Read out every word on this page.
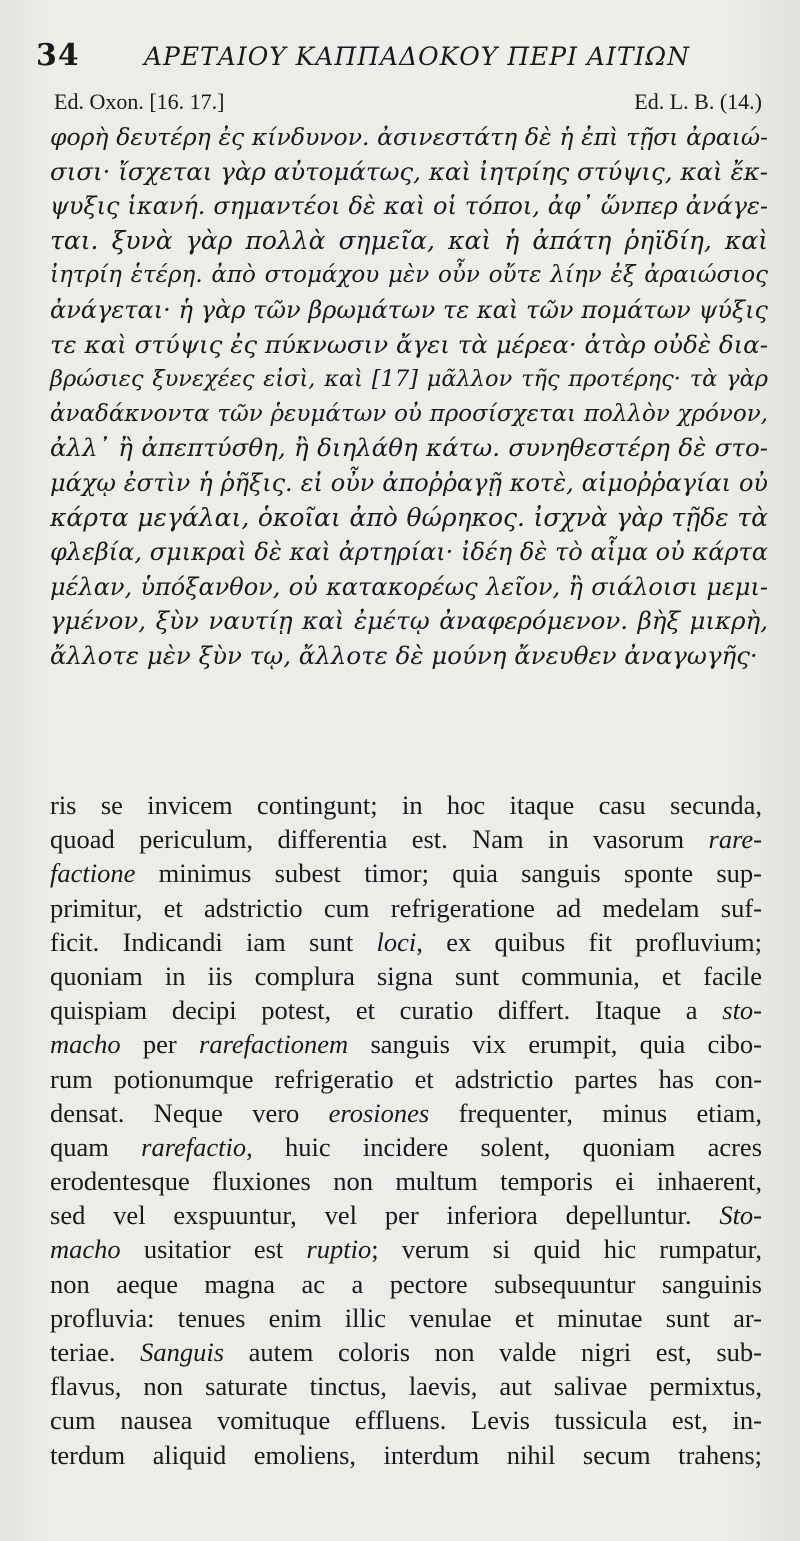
34	ΑΡΕΤΑΙΟΥ ΚΑΠΠΑΔΟΚΟΥ ΠΕΡΙ ΑΙΤΙΩΝ
Ed. Oxon. [16. 17.]	Ed. L. B. (14.)
φορὴ δευτέρη ἐς κίνδυνον. ἀσινεστάτη δὲ ἡ ἐπὶ τῇσι ἀραιώ-
σισι· ἴσχεται γὰρ αὐτομάτως, καὶ ἰητρίης στύψις, καὶ ἔκ-
ψυξις ἱκανή. σημαντέοι δὲ καὶ οἱ τόποι, ἀφ᾽ ὥνπερ ἀνάγε-
ται. ξυνὰ γὰρ πολλὰ σημεῖα, καὶ ἡ ἀπάτη ῥηϊδίη, καὶ
ἰητρίη ἑτέρη. ἀπὸ στομάχου μὲν οὖν οὔτε λίην ἐξ ἀραιώσιος
ἀνάγεται· ἡ γὰρ τῶν βρωμάτων τε καὶ τῶν πομάτων ψύξις
τε καὶ στύψις ἐς πύκνωσιν ἄγει τὰ μέρεα· ἀτὰρ οὐδὲ δια-
βρώσιες ξυνεχέες εἰσὶ, καὶ [17] μᾶλλον τῆς προτέρης· τὰ γὰρ
ἀναδάκνοντα τῶν ῥευμάτων οὐ προσίσχεται πολλὸν χρόνον,
ἀλλ᾽ ἢ ἀπεπτύσθη, ἢ διηλάθη κάτω. συνηθεστέρη δὲ στο-
μάχῳ ἐστὶν ἡ ῥῆξις. εἰ οὖν ἀποῤῥαγῇ κοτὲ, αἱμοῤῥαγίαι οὐ
κάρτα μεγάλαι, ὁκοῖαι ἀπὸ θώρηκος. ἰσχνὰ γὰρ τῇδε τὰ
φλεβία, σμικραὶ δὲ καὶ ἀρτηρίαι· ἰδέη δὲ τὸ αἷμα οὐ κάρτα
μέλαν, ὑπόξανθον, οὐ κατακορέως λεῖον, ἢ σιάλοισι μεμι-
γμένον, ξὺν ναυτίῃ καὶ ἐμέτῳ ἀναφερόμενον. βὴξ μικρὴ,
ἄλλοτε μὲν ξὺν τῳ, ἄλλοτε δὲ μούνη ἄνευθεν ἀναγωγῆς·
ris se invicem contingunt; in hoc itaque casu secunda,
quoad periculum, differentia est. Nam in vasorum rare-
factione minimus subest timor; quia sanguis sponte sup-
primitur, et adstrictio cum refrigeratione ad medelam suf-
ficit. Indicandi iam sunt loci, ex quibus fit profluvium;
quoniam in iis complura signa sunt communia, et facile
quispiam decipi potest, et curatio differt. Itaque a sto-
macho per rarefactionem sanguis vix erumpit, quia cibo-
rum potionumque refrigeratio et adstrictio partes has con-
densat. Neque vero erosiones frequenter, minus etiam,
quam rarefactio, huic incidere solent, quoniam acres
erodentesque fluxiones non multum temporis ei inhaerent,
sed vel exspuuntur, vel per inferiora depelluntur. Sto-
macho usitatior est ruptio; verum si quid hic rumpatur,
non aeque magna ac a pectore subsequuntur sanguinis
profluvia: tenues enim illic venulae et minutae sunt ar-
teriae. Sanguis autem coloris non valde nigri est, sub-
flavus, non saturate tinctus, laevis, aut salivae permixtus,
cum nausea vomituque effluens. Levis tussicula est, in-
terdum aliquid emoliens, interdum nihil secum trahens;
